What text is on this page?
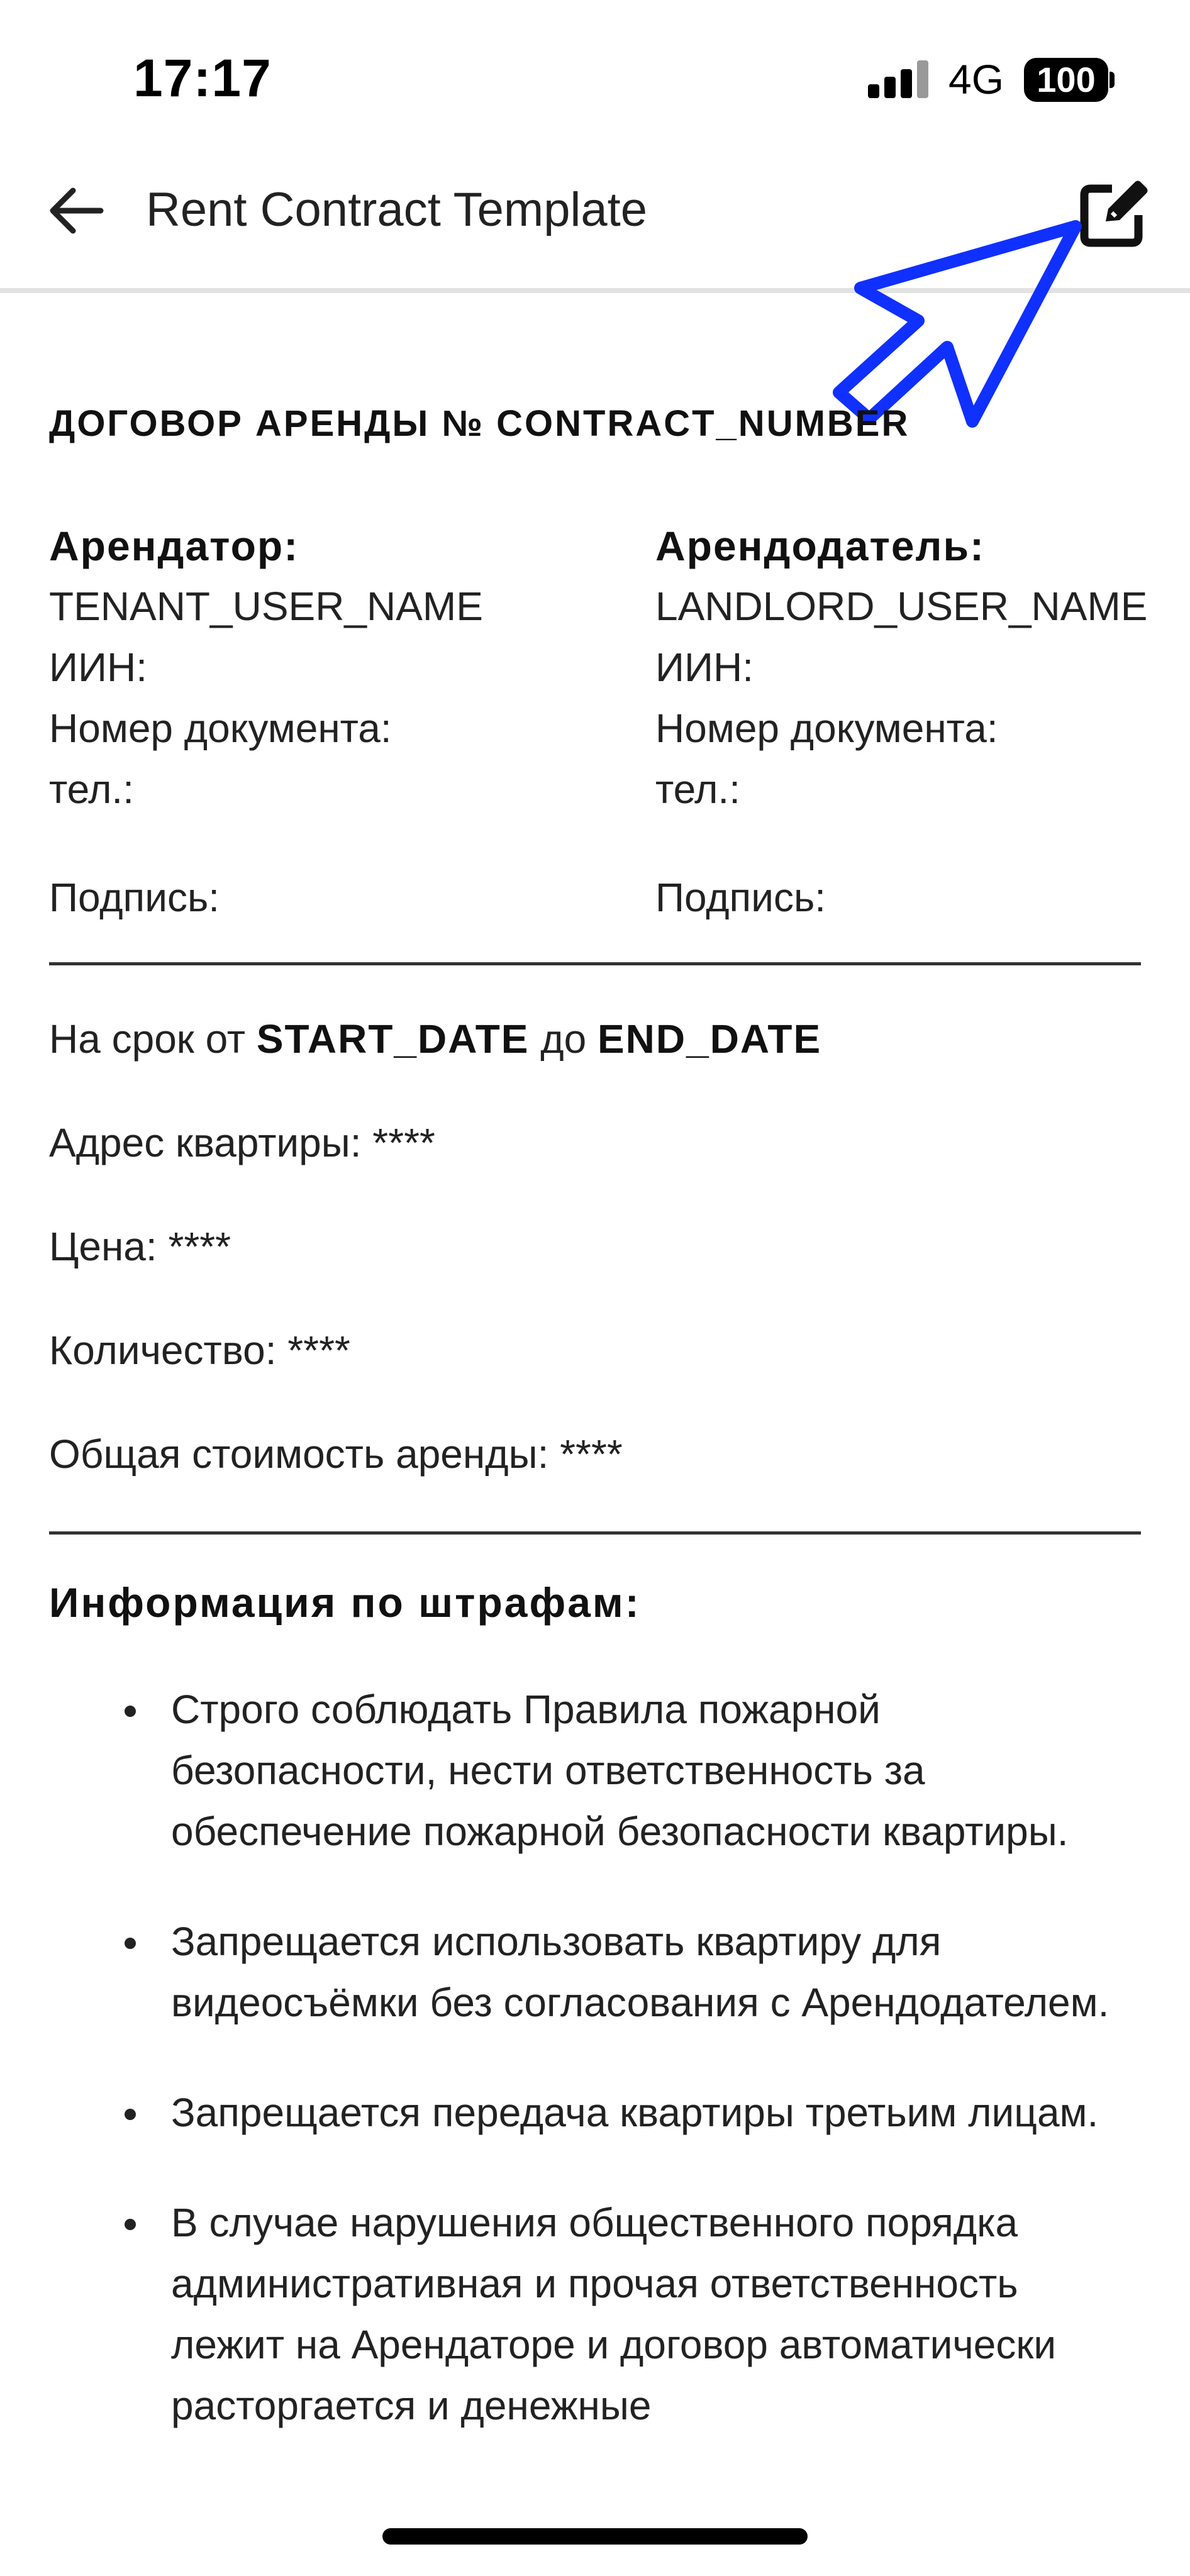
17:17	4G 100
Rent Contract Template
ДОГОВОР АРЕНДЫ № CONTRACT_NUMBER
Арендатор:
TENANT_USER_NAME
ИИН:
Номер документа:
тел.:
Арендодатель:
LANDLORD_USER_NAME
ИИН:
Номер документа:
тел.:
Подпись:	Подпись:
На срок от START_DATE до END_DATE
Адрес квартиры: ****
Цена: ****
Количество: ****
Общая стоимость аренды: ****
Информация по штрафам:
Строго соблюдать Правила пожарной безопасности, нести ответственность за обеспечение пожарной безопасности квартиры.
Запрещается использовать квартиру для видеосъёмки без согласования с Арендодателем.
Запрещается передача квартиры третьим лицам.
В случае нарушения общественного порядка административная и прочая ответственность лежит на Арендаторе и договор автоматически расторгается и денежные
